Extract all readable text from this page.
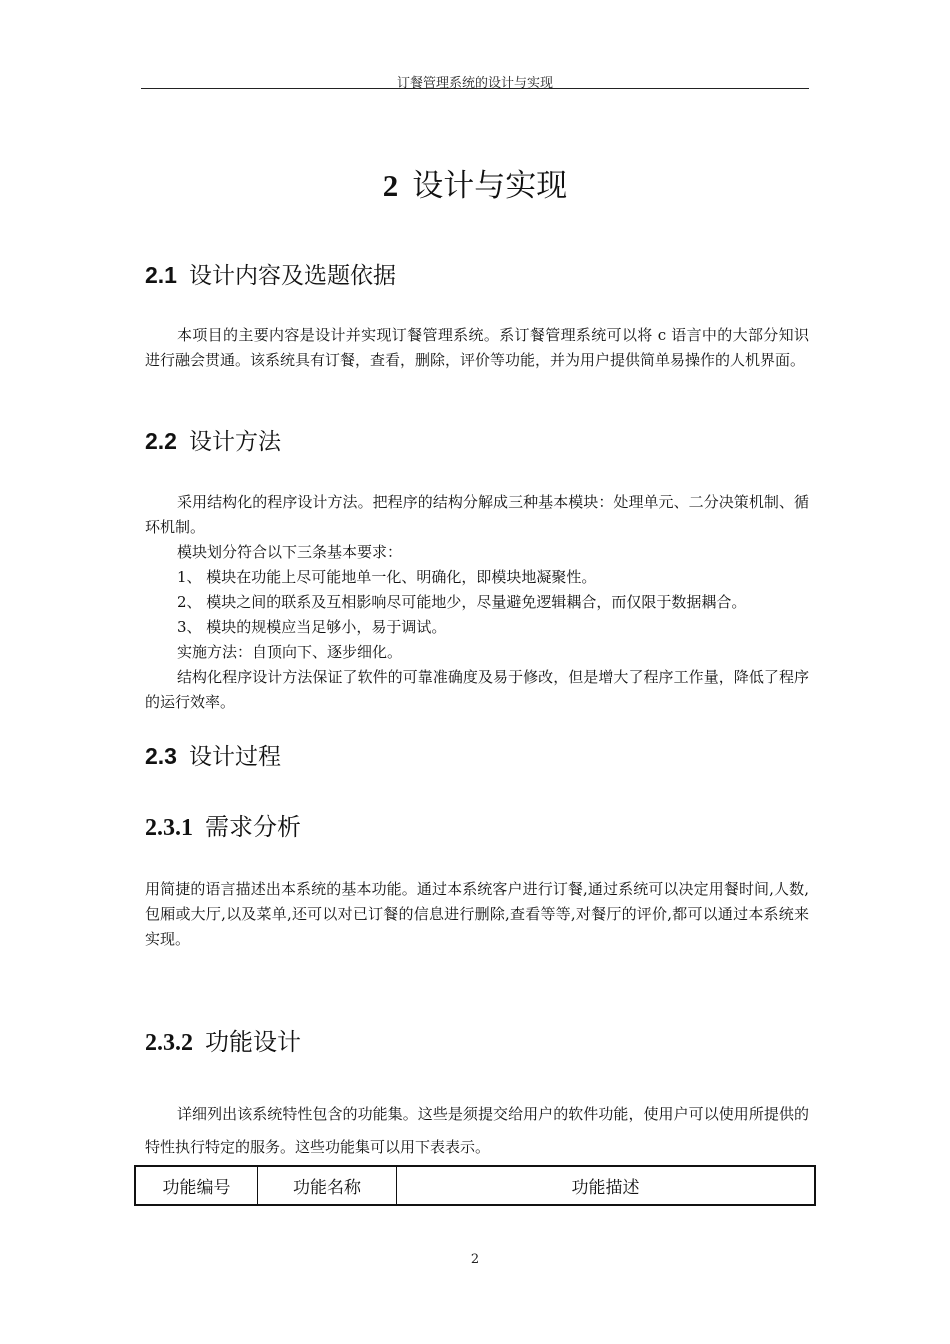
订餐管理系统的设计与实现
2 设计与实现
2.1 设计内容及选题依据
本项目的主要内容是设计并实现订餐管理系统。系订餐管理系统可以将 c 语言中的大部分知识进行融会贯通。该系统具有订餐，查看，删除，评价等功能，并为用户提供简单易操作的人机界面。
2.2 设计方法
采用结构化的程序设计方法。把程序的结构分解成三种基本模块：处理单元、二分决策机制、循环机制。
模块划分符合以下三条基本要求：
1、 模块在功能上尽可能地单一化、明确化，即模块地凝聚性。
2、 模块之间的联系及互相影响尽可能地少，尽量避免逻辑耦合，而仅限于数据耦合。
3、 模块的规模应当足够小，易于调试。
实施方法：自顶向下、逐步细化。
结构化程序设计方法保证了软件的可靠准确度及易于修改，但是增大了程序工作量，降低了程序的运行效率。
2.3 设计过程
2.3.1 需求分析
用简捷的语言描述出本系统的基本功能。通过本系统客户进行订餐,通过系统可以决定用餐时间,人数,包厢或大厅,以及菜单,还可以对已订餐的信息进行删除,查看等等,对餐厅的评价,都可以通过本系统来实现。
2.3.2 功能设计
详细列出该系统特性包含的功能集。这些是须提交给用户的软件功能，使用户可以使用所提供的特性执行特定的服务。这些功能集可以用下表表示。
功能编号	功能名称	功能描述
2
